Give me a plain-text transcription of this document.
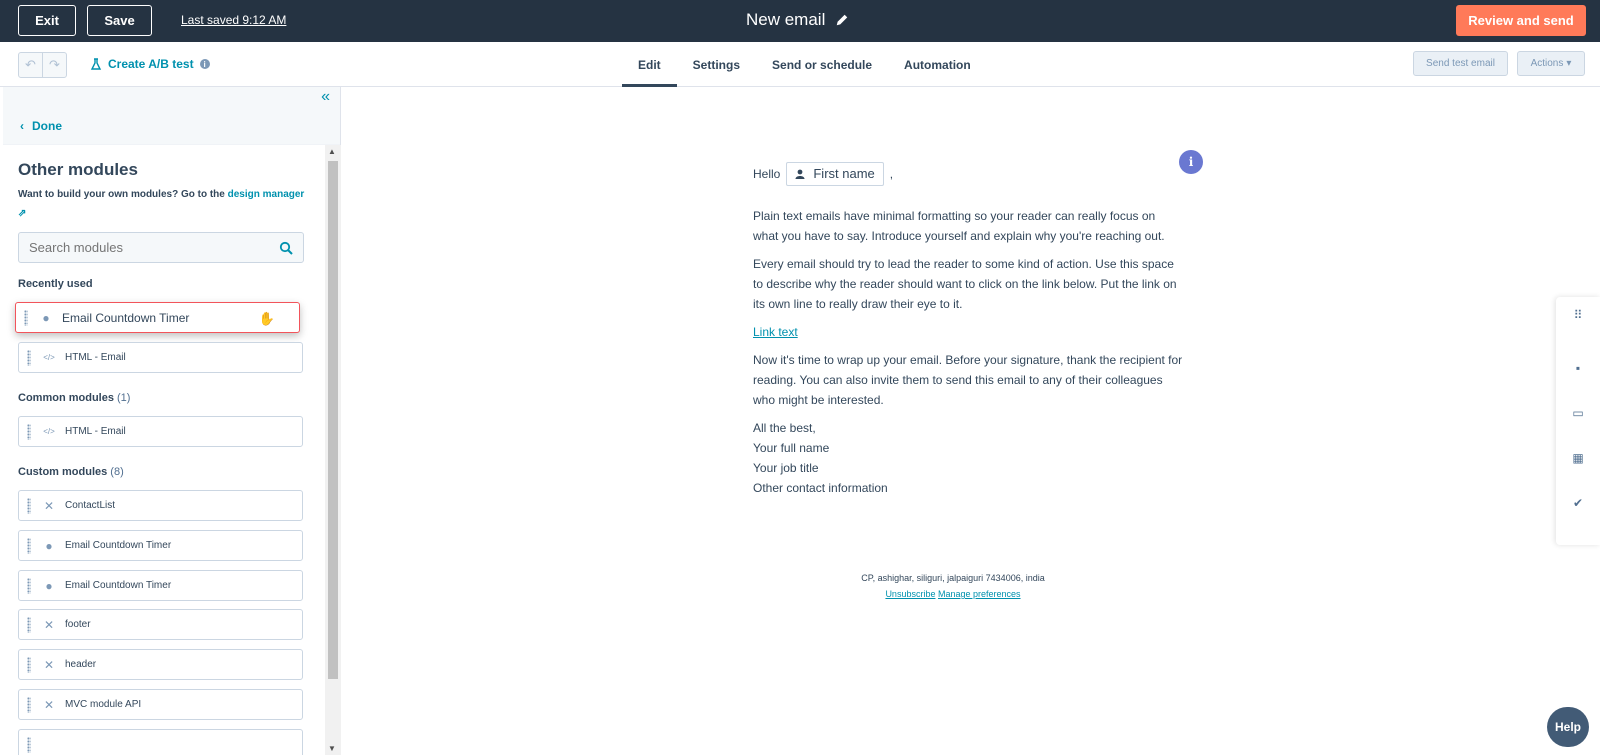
Exit	Save	Last saved 9:12 AM	New email	Review and send
↶	↷	Create A/B test	i	Edit	Settings	Send or schedule	Automation	Send test email	Actions ▾
«
‹ Done
Other modules
Want to build your own modules? Go to the design manager
⇗
Search modules
Recently used
● Email Countdown Timer	✋
</> HTML - Email
Common modules (1)
</> HTML - Email
Custom modules (8)
✕ ContactList
● Email Countdown Timer
● Email Countdown Timer
✕ footer
✕ header
✕ MVC module API
▲
▼
i
Hello	First name ,

Plain text emails have minimal formatting so your reader can really focus on what you have to say. Introduce yourself and explain why you're reaching out.

Every email should try to lead the reader to some kind of action. Use this space to describe why the reader should want to click on the link below. Put the link on its own line to really draw their eye to it.

Link text

Now it's time to wrap up your email. Before your signature, thank the recipient for reading. You can also invite them to send this email to any of their colleagues who might be interested.

All the best,
Your full name
Your job title
Other contact information
CP, ashighar, siliguri, jalpaiguri 7434006, india
Unsubscribe Manage preferences
⠿
▪
▭
▦
✔
Help
